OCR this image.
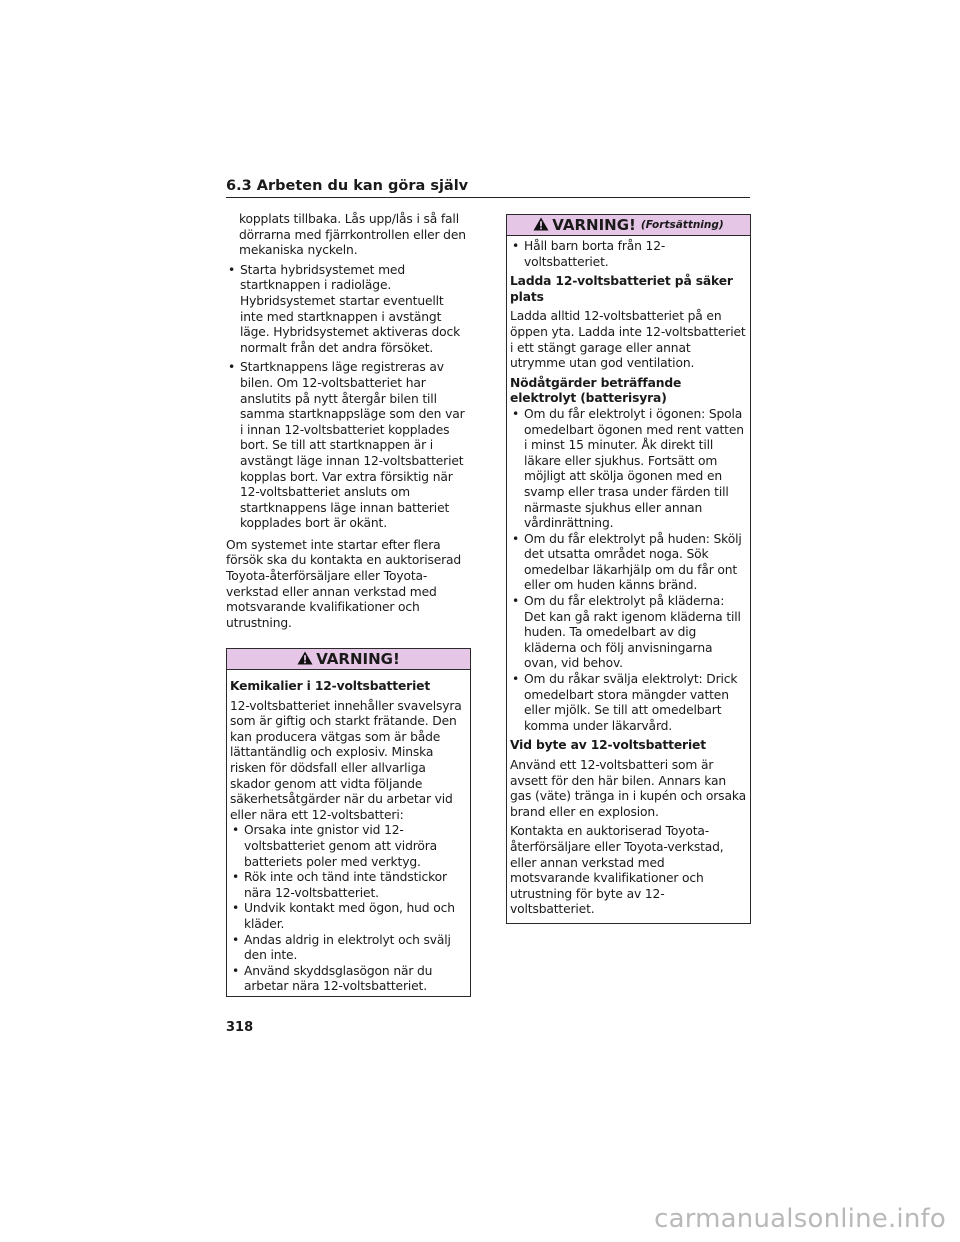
6.3 Arbeten du kan göra själv

kopplats tillbaka. Lås upp/lås i så fall dörrarna med fjärrkontrollen eller den mekaniska nyckeln.

• Starta hybridsystemet med startknappen i radioläge. Hybridsystemet startar eventuellt inte med startknappen i avstängt läge. Hybridsystemet aktiveras dock normalt från det andra försöket.
• Startknappens läge registreras av bilen. Om 12-voltsbatteriet har anslutits på nytt återgår bilen till samma startknappsläge som den var i innan 12-voltsbatteriet kopplades bort. Se till att startknappen är i avstängt läge innan 12-voltsbatteriet kopplas bort. Var extra försiktig när 12-voltsbatteriet ansluts om startknappens läge innan batteriet kopplades bort är okänt.

Om systemet inte startar efter flera försök ska du kontakta en auktoriserad Toyota-återförsäljare eller Toyota-verkstad eller annan verkstad med motsvarande kvalifikationer och utrustning.

VARNING!

Kemikalier i 12-voltsbatteriet

12-voltsbatteriet innehåller svavelsyra som är giftig och starkt frätande. Den kan producera vätgas som är både lättantändlig och explosiv. Minska risken för dödsfall eller allvarliga skador genom att vidta följande säkerhetsåtgärder när du arbetar vid eller nära ett 12-voltsbatteri:

• Orsaka inte gnistor vid 12-voltsbatteriet genom att vidröra batteriets poler med verktyg.
• Rök inte och tänd inte tändstickor nära 12-voltsbatteriet.
• Undvik kontakt med ögon, hud och kläder.
• Andas aldrig in elektrolyt och svälj den inte.
• Använd skyddsglasögon när du arbetar nära 12-voltsbatteriet.
VARNING! (Fortsättning)
• Håll barn borta från 12-voltsbatteriet.

Ladda 12-voltsbatteriet på säker plats

Ladda alltid 12-voltsbatteriet på en öppen yta. Ladda inte 12-voltsbatteriet i ett stängt garage eller annat utrymme utan god ventilation.

Nödåtgärder beträffande elektrolyt (batterisyra)

• Om du får elektrolyt i ögonen: Spola omedelbart ögonen med rent vatten i minst 15 minuter. Åk direkt till läkare eller sjukhus. Fortsätt om möjligt att skölja ögonen med en svamp eller trasa under färden till närmaste sjukhus eller annan vårdinrättning.
• Om du får elektrolyt på huden: Skölj det utsatta området noga. Sök omedelbar läkarhjälp om du får ont eller om huden känns bränd.
• Om du får elektrolyt på kläderna: Det kan gå rakt igenom kläderna till huden. Ta omedelbart av dig kläderna och följ anvisningarna ovan, vid behov.
• Om du råkar svälja elektrolyt: Drick omedelbart stora mängder vatten eller mjölk. Se till att omedelbart komma under läkarvård.

Vid byte av 12-voltsbatteriet

Använd ett 12-voltsbatteri som är avsett för den här bilen. Annars kan gas (väte) tränga in i kupén och orsaka brand eller en explosion.

Kontakta en auktoriserad Toyota-återförsäljare eller Toyota-verkstad, eller annan verkstad med motsvarande kvalifikationer och utrustning för byte av 12-voltsbatteriet.

318
carmanualsonline.info
